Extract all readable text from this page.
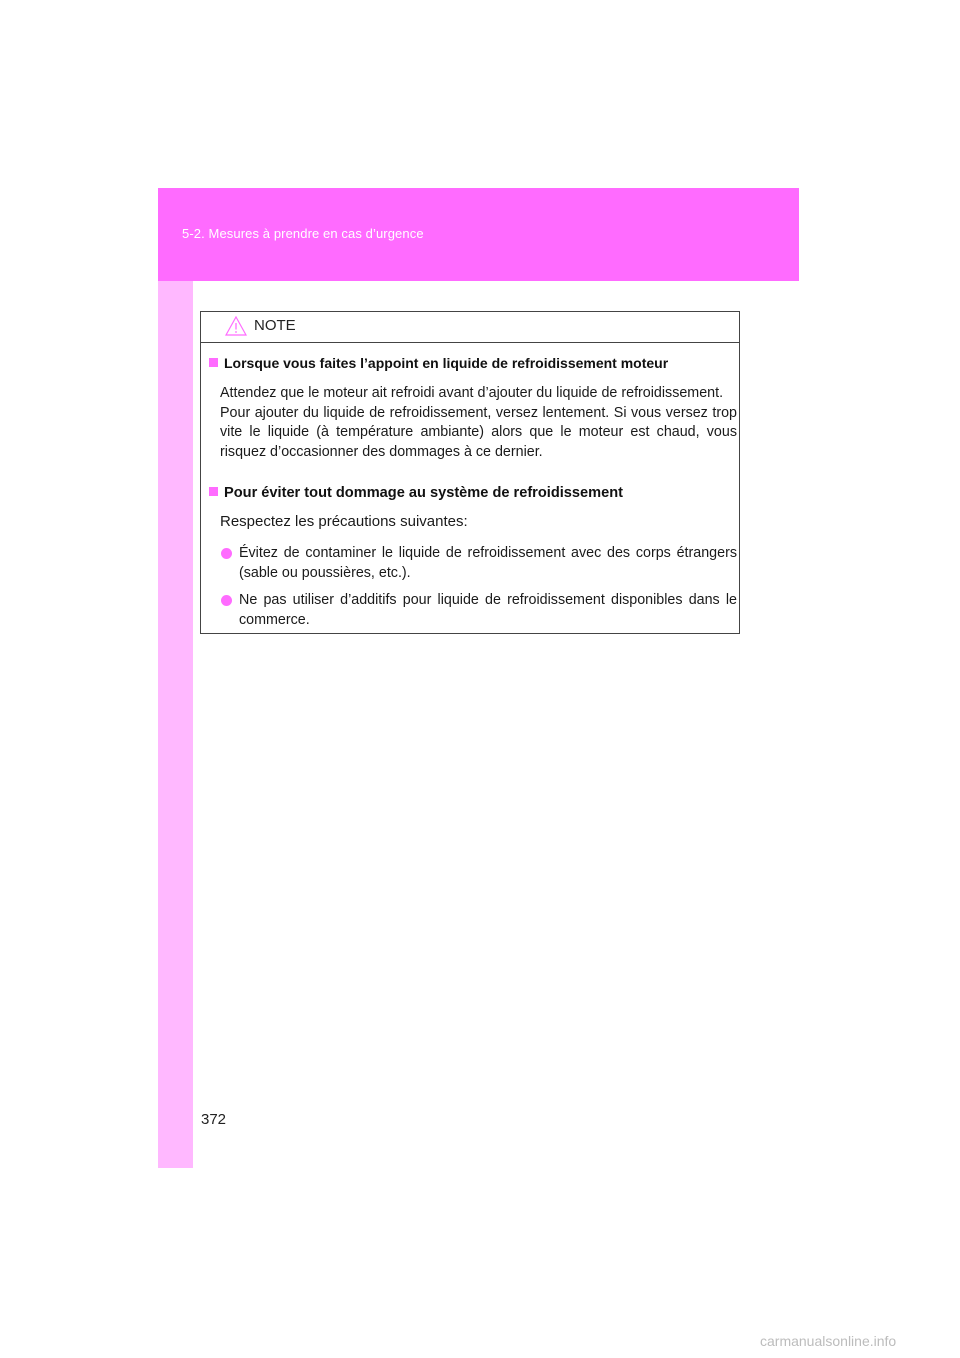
5-2. Mesures à prendre en cas d’urgence
NOTE
Lorsque vous faites l’appoint en liquide de refroidissement moteur
Attendez que le moteur ait refroidi avant d’ajouter du liquide de refroidissement.
Pour ajouter du liquide de refroidissement, versez lentement. Si vous versez trop vite le liquide (à température ambiante) alors que le moteur est chaud, vous risquez d’occasionner des dommages à ce dernier.
Pour éviter tout dommage au système de refroidissement
Respectez les précautions suivantes:
Évitez de contaminer le liquide de refroidissement avec des corps étrangers (sable ou poussières, etc.).
Ne pas utiliser d’additifs pour liquide de refroidissement disponibles dans le commerce.
372
carmanualsonline.info
